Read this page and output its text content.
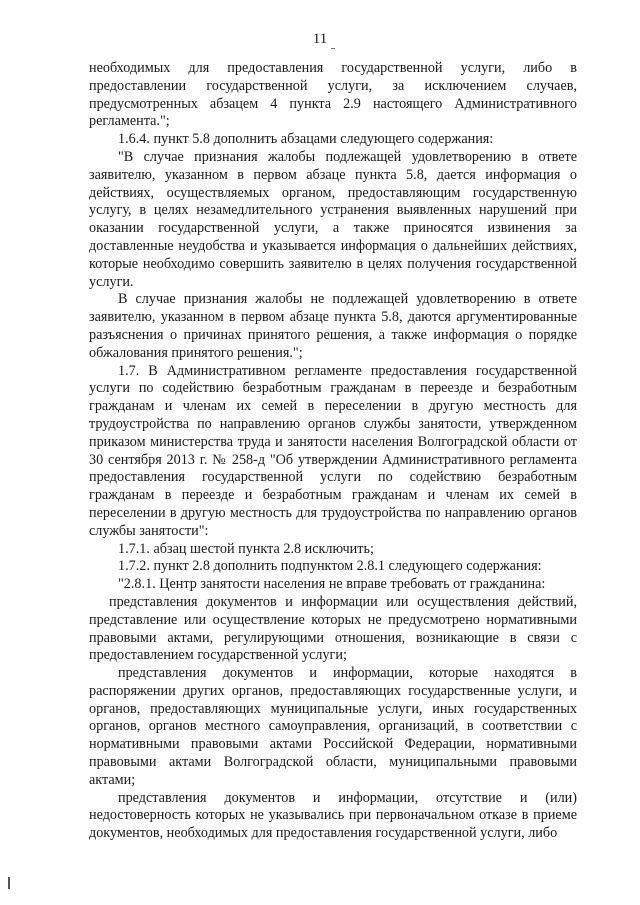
11

необходимых для предоставления государственной услуги, либо в предоставлении государственной услуги, за исключением случаев, предусмотренных абзацем 4 пункта 2.9 настоящего Административного регламента.";

1.6.4. пункт 5.8 дополнить абзацами следующего содержания:

"В случае признания жалобы подлежащей удовлетворению в ответе заявителю, указанном в первом абзаце пункта 5.8, дается информация о действиях, осуществляемых органом, предоставляющим государственную услугу, в целях незамедлительного устранения выявленных нарушений при оказании государственной услуги, а также приносятся извинения за доставленные неудобства и указывается информация о дальнейших действиях, которые необходимо совершить заявителю в целях получения государственной услуги.

В случае признания жалобы не подлежащей удовлетворению в ответе заявителю, указанном в первом абзаце пункта 5.8, даются аргументированные разъяснения о причинах принятого решения, а также информация о порядке обжалования принятого решения.";

1.7. В Административном регламенте предоставления государственной услуги по содействию безработным гражданам в переезде и безработным гражданам и членам их семей в переселении в другую местность для трудоустройства по направлению органов службы занятости, утвержденном приказом министерства труда и занятости населения Волгоградской области от 30 сентября 2013 г. № 258-д "Об утверждении Административного регламента предоставления государственной услуги по содействию безработным гражданам в переезде и безработным гражданам и членам их семей в переселении в другую местность для трудоустройства по направлению органов службы занятости":

1.7.1. абзац шестой пункта 2.8 исключить;

1.7.2. пункт 2.8 дополнить подпунктом 2.8.1 следующего содержания:

"2.8.1. Центр занятости населения не вправе требовать от гражданина:

представления документов и информации или осуществления действий, представление или осуществление которых не предусмотрено нормативными правовыми актами, регулирующими отношения, возникающие в связи с предоставлением государственной услуги;

представления документов и информации, которые находятся в распоряжении других органов, предоставляющих государственные услуги, и органов, предоставляющих муниципальные услуги, иных государственных органов, органов местного самоуправления, организаций, в соответствии с нормативными правовыми актами Российской Федерации, нормативными правовыми актами Волгоградской области, муниципальными правовыми актами;

представления документов и информации, отсутствие и (или) недостоверность которых не указывались при первоначальном отказе в приеме документов, необходимых для предоставления государственной услуги, либо
